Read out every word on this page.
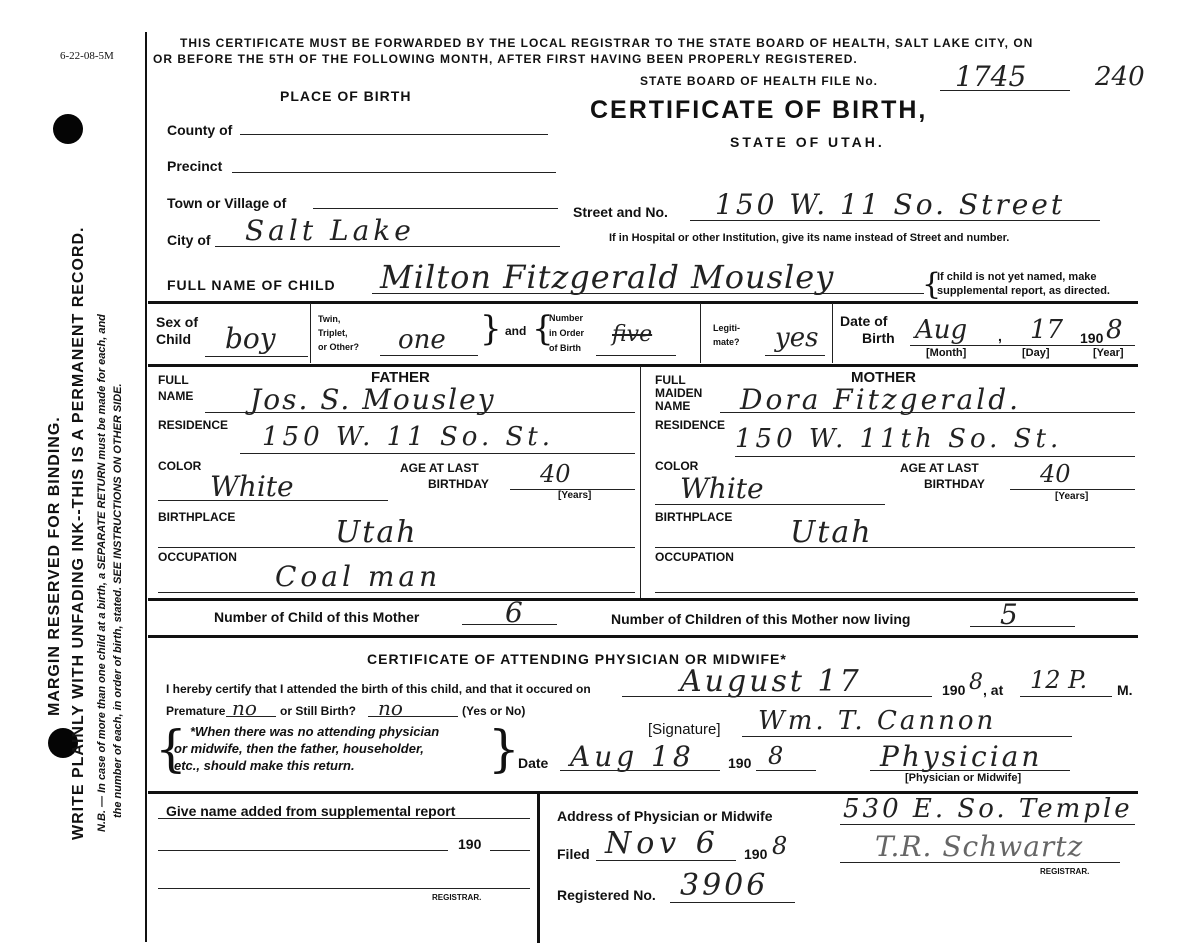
6-22-08-5M
MARGIN RESERVED FOR BINDING. WRITE PLAINLY WITH UNFADING INK--THIS IS A PERMANENT RECORD. N.B. — In case of more than one child at a birth, a SEPARATE RETURN must be made for each, and the number of each, in order of birth, stated. SEE INSTRUCTIONS ON OTHER SIDE.
THIS CERTIFICATE MUST BE FORWARDED BY THE LOCAL REGISTRAR TO THE STATE BOARD OF HEALTH, SALT LAKE CITY, ON
OR BEFORE THE 5TH OF THE FOLLOWING MONTH, AFTER FIRST HAVING BEEN PROPERLY REGISTERED.
STATE BOARD OF HEALTH FILE No.	1745	240
CERTIFICATE OF BIRTH,
STATE OF UTAH.
PLACE OF BIRTH
County of
Precinct
Town or Village of
City of Salt Lake
Street and No. 150 W. 11 So. Street
If in Hospital or other Institution, give its name instead of Street and number.
FULL NAME OF CHILD Milton Fitzgerald Mousley	{
If child is not yet named, make
supplemental report, as directed.
Sex of
Child boy
Twin,
Triplet,
or Other? one } and {
Number
in Order
of Birth
five	Legiti-
mate? yes
Date of
Birth Aug , 17 190 8
[Month]	[Day]	[Year]
FULL
NAME
FATHER
Jos. S. Mousley
RESIDENCE 150 W. 11 So. St.
COLOR
White
AGE AT LAST
BIRTHDAY 40
[Years]
BIRTHPLACE	Utah
OCCUPATION
Coal man
FULL
MAIDEN
NAME
MOTHER
Dora Fitzgerald.
RESIDENCE 150 W. 11th So. St.
COLOR
White
AGE AT LAST
BIRTHDAY 40
[Years]
BIRTHPLACE Utah
OCCUPATION
Number of Child of this Mother	6	Number of Children of this Mother now living	5
CERTIFICATE OF ATTENDING PHYSICIAN OR MIDWIFE*
I hereby certify that I attended the birth of this child, and that it occured on	August 17	190 8 , at 12 P. M.
Premature no or Still Birth? no	(Yes or No)
{ *When there was no attending physician
or midwife, then the father, householder,
etc., should make this return.	}	[Signature] Wm. T. Cannon
Date Aug 18 190 8	Physician
[Physician or Midwife]
Give name added from supplemental report
190
REGISTRAR.
Address of Physician or Midwife	530 E. So. Temple
Filed Nov 6 190 8	T.R. Schwartz
REGISTRAR.
Registered No. 3906
